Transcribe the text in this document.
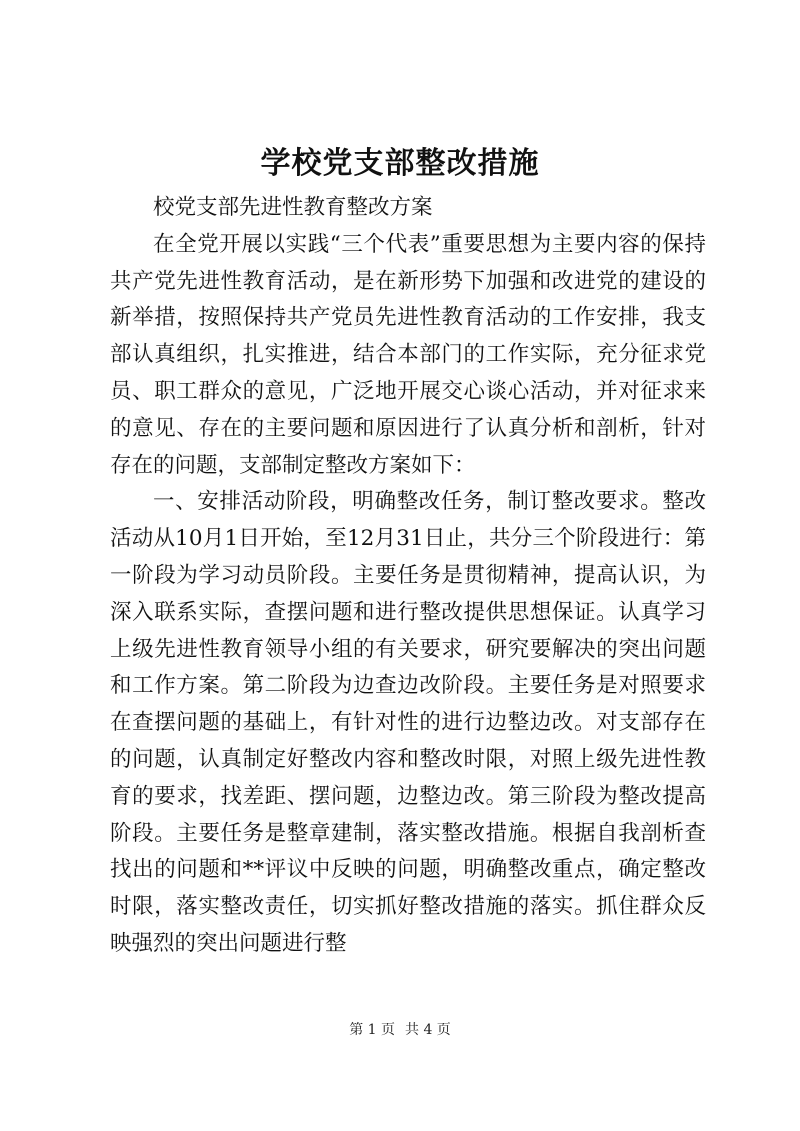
学校党支部整改措施

校党支部先进性教育整改方案

在全党开展以实践“三个代表”重要思想为主要内容的保持共产党先进性教育活动，是在新形势下加强和改进党的建设的新举措，按照保持共产党员先进性教育活动的工作安排，我支部认真组织，扎实推进，结合本部门的工作实际，充分征求党员、职工群众的意见，广泛地开展交心谈心活动，并对征求来的意见、存在的主要问题和原因进行了认真分析和剖析，针对存在的问题，支部制定整改方案如下：

一、安排活动阶段，明确整改任务，制订整改要求。整改活动从10月1日开始，至12月31日止，共分三个阶段进行：第一阶段为学习动员阶段。主要任务是贯彻精神，提高认识，为深入联系实际，查摆问题和进行整改提供思想保证。认真学习上级先进性教育领导小组的有关要求，研究要解决的突出问题和工作方案。第二阶段为边查边改阶段。主要任务是对照要求在查摆问题的基础上，有针对性的进行边整边改。对支部存在的问题，认真制定好整改内容和整改时限，对照上级先进性教育的要求，找差距、摆问题，边整边改。第三阶段为整改提高阶段。主要任务是整章建制，落实整改措施。根据自我剖析查找出的问题和**评议中反映的问题，明确整改重点，确定整改时限，落实整改责任，切实抓好整改措施的落实。抓住群众反映强烈的突出问题进行整

第 1 页 共 4 页
